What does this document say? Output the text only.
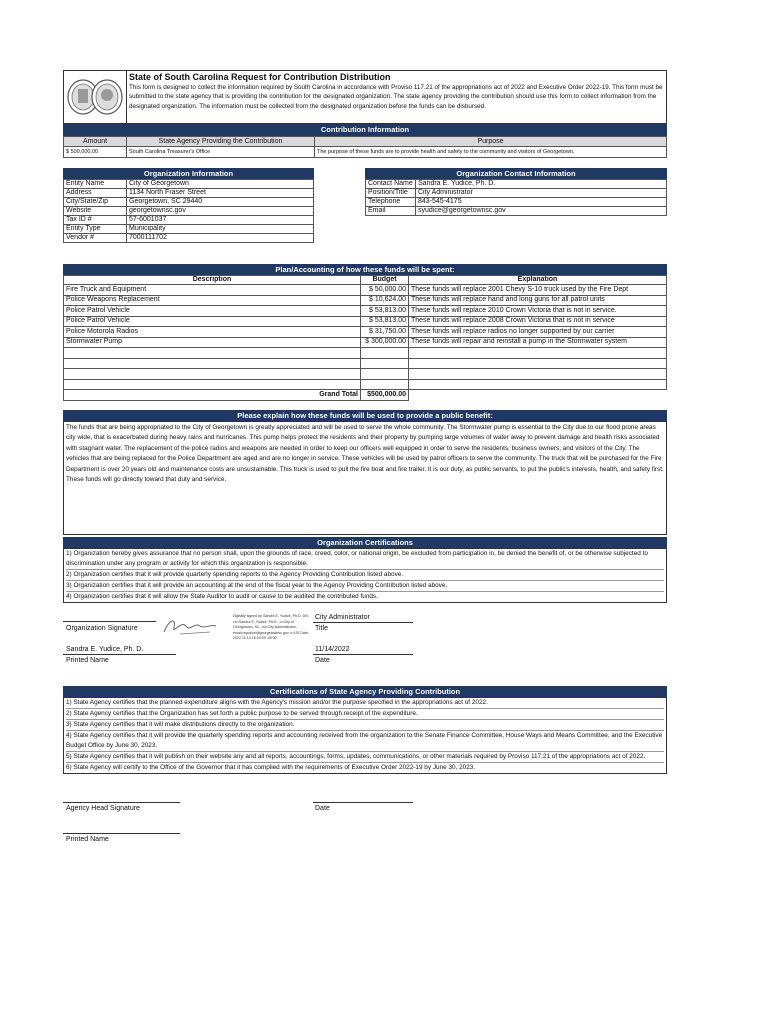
State of South Carolina Request for Contribution Distribution
This form is designed to collect the information required by South Carolina in accordance with Proviso 117.21 of the appropriations act of 2022 and Executive Order 2022-19. This form must be submitted to the state agency that is providing the contribution for the designated organization. The state agency providing the contribution should use this form to collect information from the designated organization. The information must be collected from the designated organization before the funds can be disbursed.
Contribution Information
Amount	State Agency Providing the Contribution	Purpose
$ 500,000.00	South Carolina Treasurer's Office	The purpose of these funds are to provide health and safety to the community and visitors of Georgetown.
Organization Information
Entity Name	City of Georgetown
Address	1134 North Fraser Street
City/State/Zip	Georgetown, SC 29440
Website	georgetownsc.gov
Tax ID #	57-6001037
Entity Type	Municipality
Vendor #	7000111702
Organization Contact Information
Contact Name	Sandra E. Yudice, Ph. D.
Position/Title	City Administrator
Telephone	843-545-4175
Email	syudice@georgetownsc.gov
Plan/Accounting of how these funds will be spent:
Description	Budget	Explanation
Fire Truck and Equipment	$ 50,000.00	These funds will replace 2001 Chevy S-10 truck used by the Fire Dept
Police Weapons Replacement	$ 10,624.00	These funds will replace hand and long guns for all patrol units
Police Patrol Vehicle	$ 53,813.00	These funds will replace 2010 Crown Victoria that is not in service.
Police Patrol Vehicle	$ 53,813.00	These funds will replace 2008 Crown Victoria that is not in service
Police Motorola Radios	$ 31,750.00	These funds will replace radios no longer supported by our carrier
Stormwater Pump	$ 300,000.00	These funds will repair and reinstall a pump in the Stormwater system

Grand Total	$500,000.00	
Please explain how these funds will be used to provide a public benefit:
The funds that are being appropriated to the City of Georgetown is greatly appreciated and will be used to serve the whole community. The Stormwater pump is essential to the City due to our flood prone areas city wide, that is exacerbated during heavy rains and hurricanes. This pump helps protect the residents and their property by pumping large volumes of water away to prevent damage and health risks associated with stagnant water. The replacement of the police radios and weapons are needed in order to keep our officers well equipped in order to serve the residents, business owners, and visitors of the City. The vehicles that are being replaced for the Police Department are aged and are no longer in service. These vehicles will be used by patrol officers to serve the community. The truck that will be purchased for the Fire Department is over 20 years old and maintenance costs are unsustainable. This truck is used to pull the fire boat and fire trailer. It is our duty, as public servants, to put the public's interests, health, and safety first. These funds will go directly toward that duty and service.
Organization Certifications
1) Organization hereby gives assurance that no person shall, upon the grounds of race, creed, color, or national origin, be excluded from participation in, be denied the benefit of, or be otherwise subjected to discrimination under any program or activity for which this organization is responsible.
2) Organization certifies that it will provide quarterly spending reports to the Agency Providing Contribution listed above.
3) Organization certifies that it will provide an accounting at the end of the fiscal year to the Agency Providing Contribution listed above.
4) Organization certifies that it will allow the State Auditor to audit or cause to be audited the contributed funds.
Digitally signed by Sandra E. Yudice, Ph.D. DN: cn=Sandra E. Yudice, Ph.D., o=City of Georgetown, SC, ou=City Administrator, email=syudice@georgetownsc.gov, c=US Date: 2022.11.14 16:04:09 -05'00'
Organization Signature
City Administrator
Title
Sandra E. Yudice, Ph. D.
Printed Name
11/14/2022
Date
Certifications of State Agency Providing Contribution
1) State Agency certifies that the planned expenditure aligns with the Agency's mission and/or the purpose specified in the appropriations act of 2022.
2) State Agency certifies that the Organization has set forth a public purpose to be served through receipt of the expenditure.
3) State Agency certifies that it will make distributions directly to the organization.
4) State Agency certifies that it will provide the quarterly spending reports and accounting received from the organization to the Senate Finance Committee, House Ways and Means Committee, and the Executive Budget Office by June 30, 2023.
5) State Agency certifies that it will publish on their website any and all reports, accountings, forms, updates, communications, or other materials required by Proviso 117.21 of the appropriations act of 2022.
6) State Agency will certify to the Office of the Governor that it has complied with the requirements of Executive Order 2022-19 by June 30, 2023.
Agency Head Signature	Date
Printed Name
